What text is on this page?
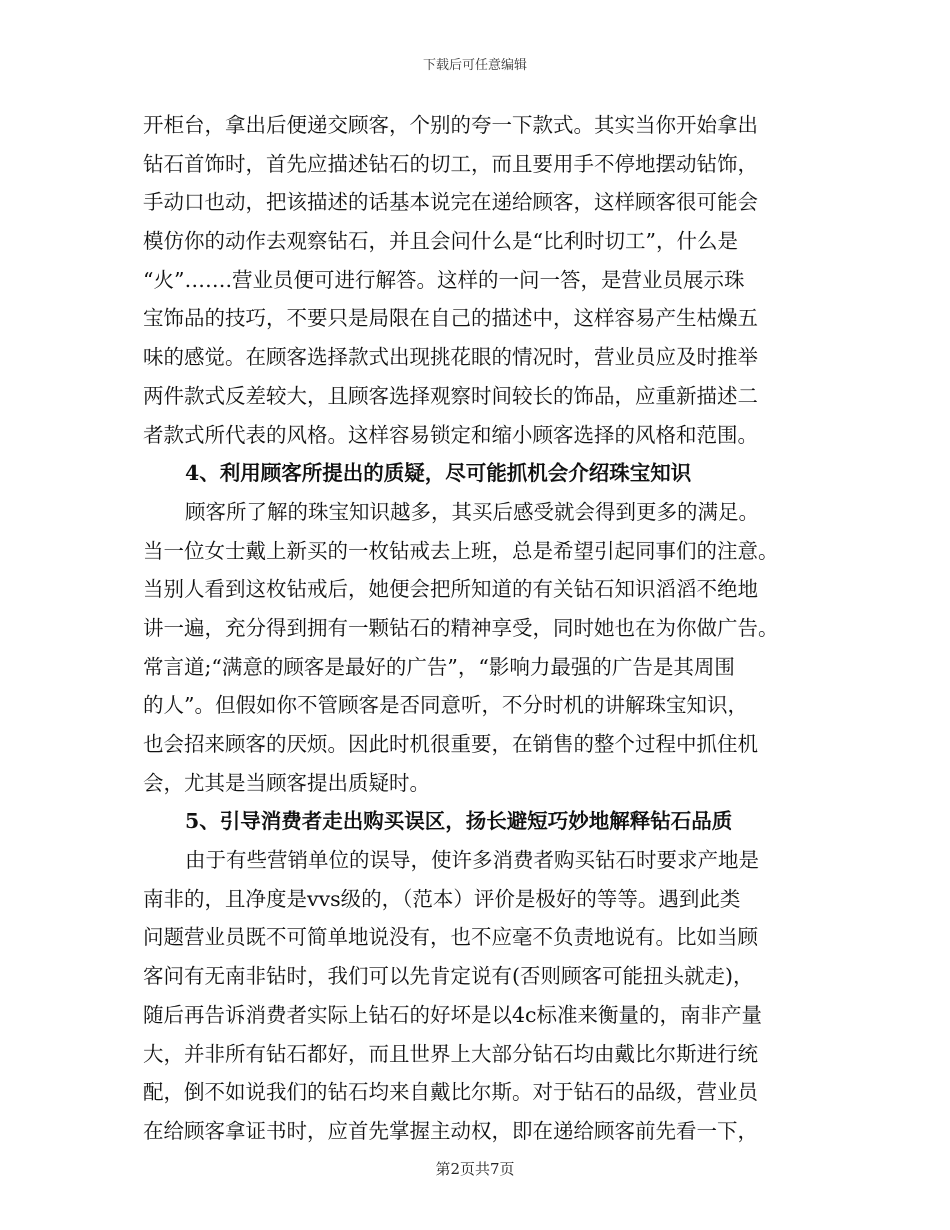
下载后可任意编辑
开柜台，拿出后便递交顾客，个别的夸一下款式。其实当你开始拿出
钻石首饰时，首先应描述钻石的切工，而且要用手不停地摆动钻饰，
手动口也动，把该描述的话基本说完在递给顾客，这样顾客很可能会
模仿你的动作去观察钻石，并且会问什么是“比利时切工”，什么是
“火”…….营业员便可进行解答。这样的一问一答，是营业员展示珠
宝饰品的技巧，不要只是局限在自己的描述中，这样容易产生枯燥五
味的感觉。在顾客选择款式出现挑花眼的情况时，营业员应及时推举
两件款式反差较大，且顾客选择观察时间较长的饰品，应重新描述二
者款式所代表的风格。这样容易锁定和缩小顾客选择的风格和范围。
4、利用顾客所提出的质疑，尽可能抓机会介绍珠宝知识
顾客所了解的珠宝知识越多，其买后感受就会得到更多的满足。
当一位女士戴上新买的一枚钻戒去上班，总是希望引起同事们的注意。
当别人看到这枚钻戒后，她便会把所知道的有关钻石知识滔滔不绝地
讲一遍，充分得到拥有一颗钻石的精神享受，同时她也在为你做广告。
常言道;“满意的顾客是最好的广告”，“影响力最强的广告是其周围
的人”。但假如你不管顾客是否同意听，不分时机的讲解珠宝知识，
也会招来顾客的厌烦。因此时机很重要，在销售的整个过程中抓住机
会，尤其是当顾客提出质疑时。
5、引导消费者走出购买误区，扬长避短巧妙地解释钻石品质
由于有些营销单位的误导，使许多消费者购买钻石时要求产地是
南非的，且净度是vvs级的，（范本）评价是极好的等等。遇到此类
问题营业员既不可简单地说没有，也不应毫不负责地说有。比如当顾
客问有无南非钻时，我们可以先肯定说有(否则顾客可能扭头就走)，
随后再告诉消费者实际上钻石的好坏是以4c标准来衡量的，南非产量
大，并非所有钻石都好，而且世界上大部分钻石均由戴比尔斯进行统
配，倒不如说我们的钻石均来自戴比尔斯。对于钻石的品级，营业员
在给顾客拿证书时，应首先掌握主动权，即在递给顾客前先看一下，
第2页共7页
